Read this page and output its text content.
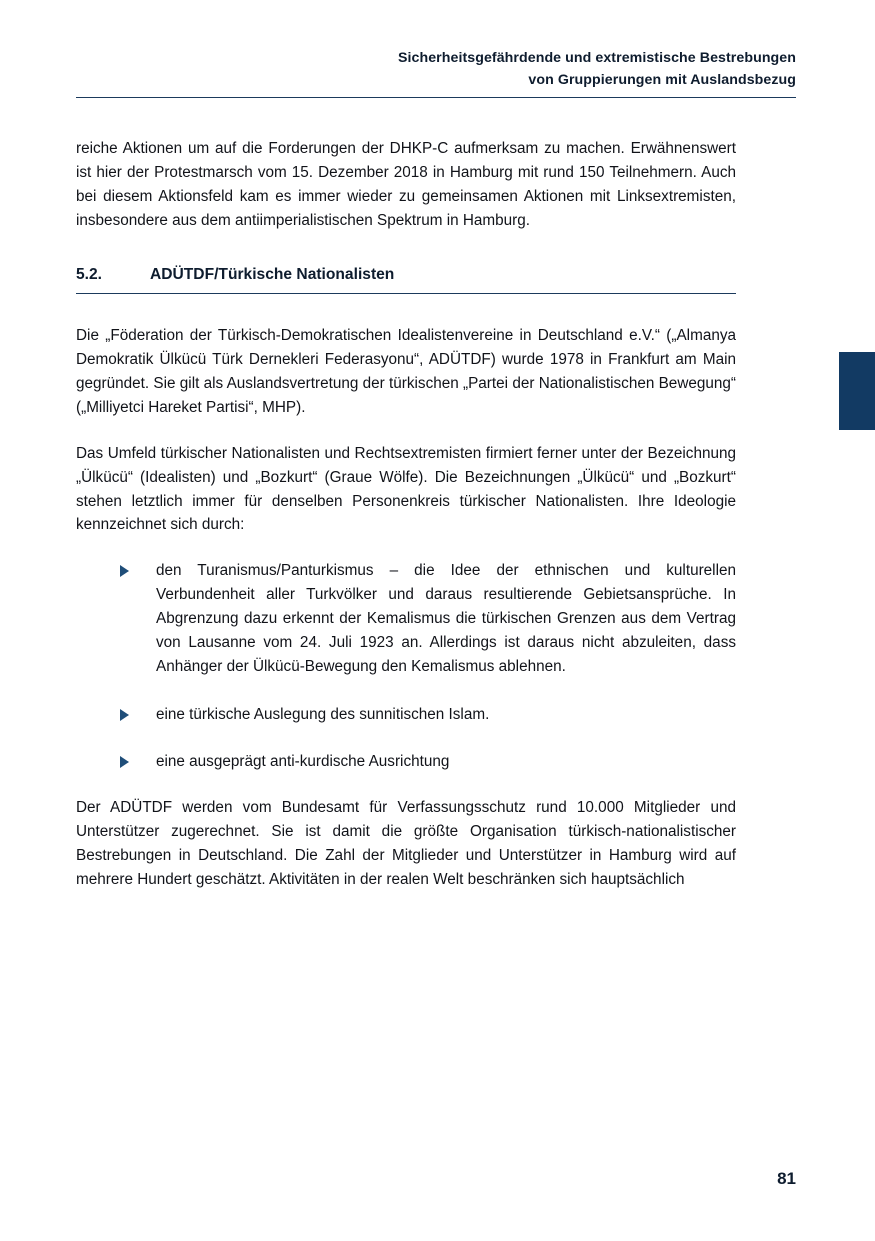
Sicherheitsgefährdende und extremistische Bestrebungen
von Gruppierungen mit Auslandsbezug

reiche Aktionen um auf die Forderungen der DHKP-C aufmerksam zu machen. Erwähnenswert ist hier der Protestmarsch vom 15. Dezember 2018 in Hamburg mit rund 150 Teilnehmern. Auch bei diesem Aktionsfeld kam es immer wieder zu gemeinsamen Aktionen mit Linksextremisten, insbesondere aus dem antiimperialistischen Spektrum in Hamburg.

5.2.	ADÜTDF/Türkische Nationalisten

Die „Föderation der Türkisch-Demokratischen Idealistenvereine in Deutschland e.V.“ („Almanya Demokratik Ülkücü Türk Dernekleri Federasyonu“, ADÜTDF) wurde 1978 in Frankfurt am Main gegründet. Sie gilt als Auslandsvertretung der türkischen „Partei der Nationalistischen Bewegung“ („Milliyetci Hareket Partisi“, MHP).

Das Umfeld türkischer Nationalisten und Rechtsextremisten firmiert ferner unter der Bezeichnung „Ülkücü“ (Idealisten) und „Bozkurt“ (Graue Wölfe). Die Bezeichnungen „Ülkücü“ und „Bozkurt“ stehen letztlich immer für denselben Personenkreis türkischer Nationalisten. Ihre Ideologie kennzeichnet sich durch:

den Turanismus/Panturkismus – die Idee der ethnischen und kulturellen Verbundenheit aller Turkvölker und daraus resultierende Gebietsansprüche. In Abgrenzung dazu erkennt der Kemalismus die türkischen Grenzen aus dem Vertrag von Lausanne vom 24. Juli 1923 an. Allerdings ist daraus nicht abzuleiten, dass Anhänger der Ülkücü-Bewegung den Kemalismus ablehnen.
eine türkische Auslegung des sunnitischen Islam.
eine ausgeprägt anti-kurdische Ausrichtung

Der ADÜTDF werden vom Bundesamt für Verfassungsschutz rund 10.000 Mitglieder und Unterstützer zugerechnet. Sie ist damit die größte Organisation türkisch-nationalistischer Bestrebungen in Deutschland. Die Zahl der Mitglieder und Unterstützer in Hamburg wird auf mehrere Hundert geschätzt. Aktivitäten in der realen Welt beschränken sich hauptsächlich

81
